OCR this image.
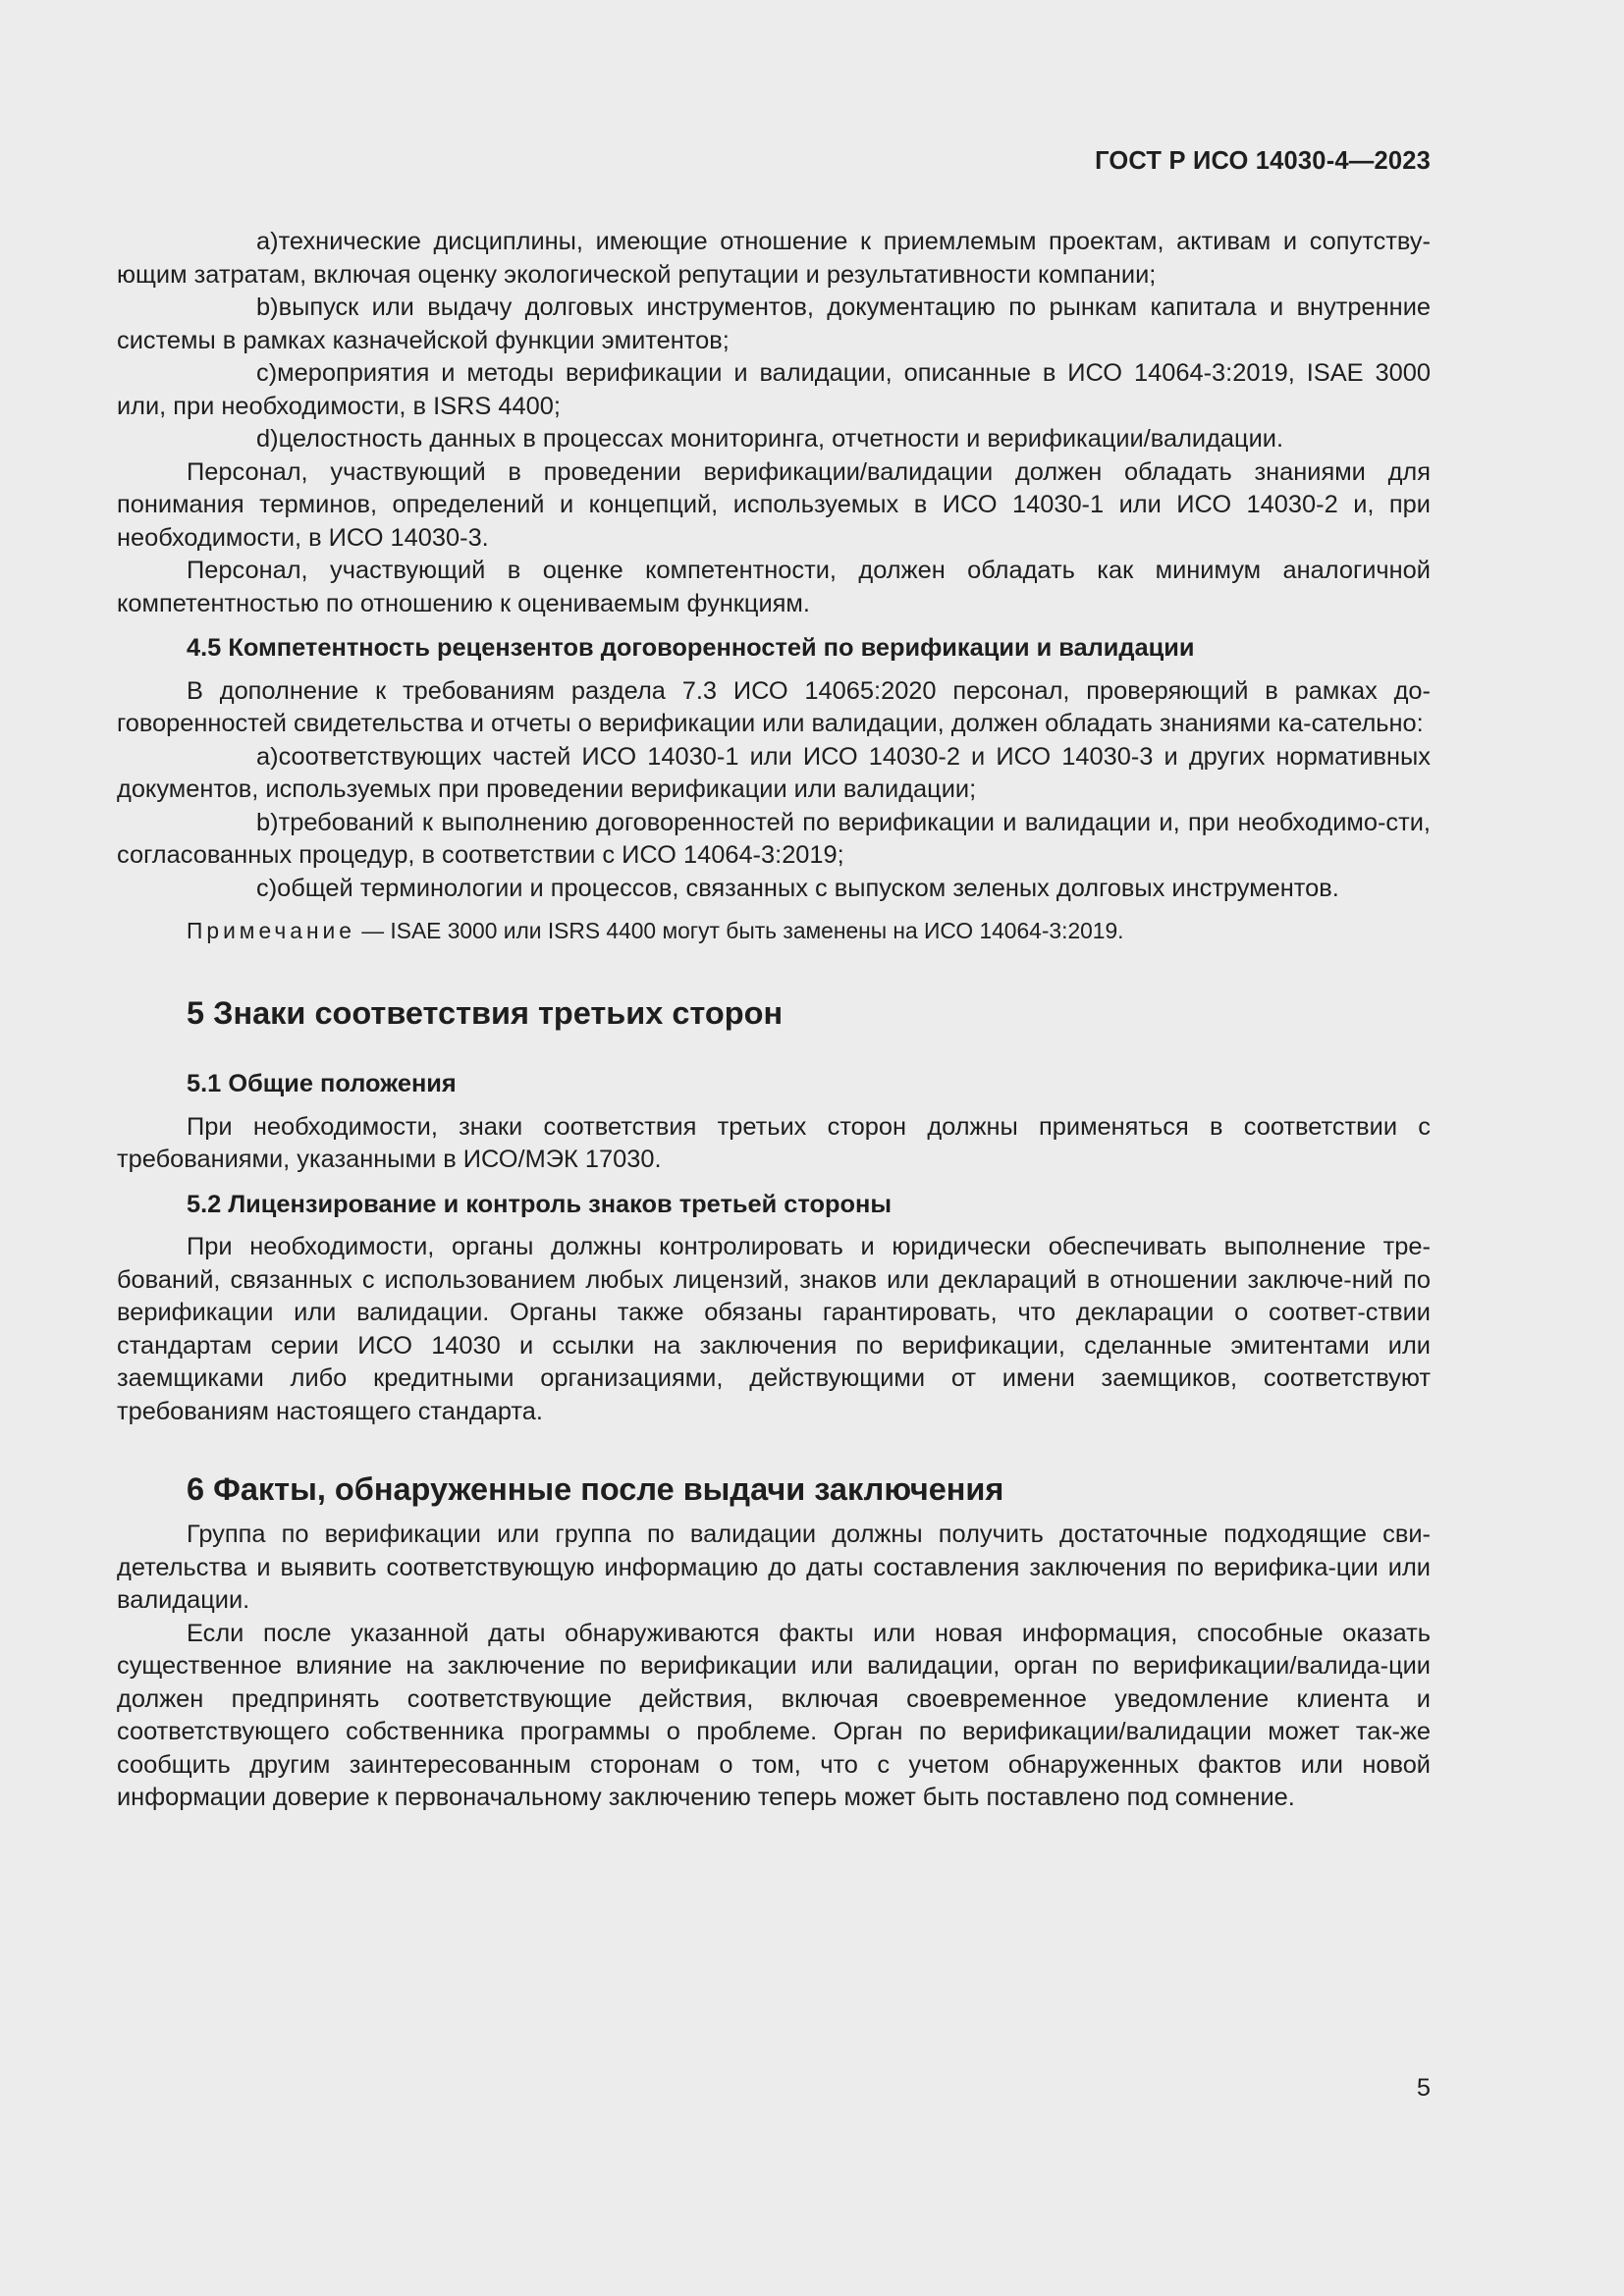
ГОСТ Р ИСО 14030-4—2023

a)технические дисциплины, имеющие отношение к приемлемым проектам, активам и сопутству-ющим затратам, включая оценку экологической репутации и результативности компании;

b)выпуск или выдачу долговых инструментов, документацию по рынкам капитала и внутренние системы в рамках казначейской функции эмитентов;

c)мероприятия и методы верификации и валидации, описанные в ИСО 14064-3:2019, ISAE 3000 или, при необходимости, в ISRS 4400;

d)целостность данных в процессах мониторинга, отчетности и верификации/валидации.

Персонал, участвующий в проведении верификации/валидации должен обладать знаниями для понимания терминов, определений и концепций, используемых в ИСО 14030-1 или ИСО 14030-2 и, при необходимости, в ИСО 14030-3.

Персонал, участвующий в оценке компетентности, должен обладать как минимум аналогичной компетентностью по отношению к оцениваемым функциям.

4.5 Компетентность рецензентов договоренностей по верификации и валидации

В дополнение к требованиям раздела 7.3 ИСО 14065:2020 персонал, проверяющий в рамках до-говоренностей свидетельства и отчеты о верификации или валидации, должен обладать знаниями ка-сательно:

a)соответствующих частей ИСО 14030-1 или ИСО 14030-2 и ИСО 14030-3 и других нормативных документов, используемых при проведении верификации или валидации;

b)требований к выполнению договоренностей по верификации и валидации и, при необходимо-сти, согласованных процедур, в соответствии с ИСО 14064-3:2019;

c)общей терминологии и процессов, связанных с выпуском зеленых долговых инструментов.

Примечание — ISAE 3000 или ISRS 4400 могут быть заменены на ИСО 14064-3:2019.

5 Знаки соответствия третьих сторон
5.1 Общие положения

При необходимости, знаки соответствия третьих сторон должны применяться в соответствии с требованиями, указанными в ИСО/МЭК 17030.

5.2 Лицензирование и контроль знаков третьей стороны

При необходимости, органы должны контролировать и юридически обеспечивать выполнение тре-бований, связанных с использованием любых лицензий, знаков или деклараций в отношении заключе-ний по верификации или валидации. Органы также обязаны гарантировать, что декларации о соответ-ствии стандартам серии ИСО 14030 и ссылки на заключения по верификации, сделанные эмитентами или заемщиками либо кредитными организациями, действующими от имени заемщиков, соответствуют требованиям настоящего стандарта.

6 Факты, обнаруженные после выдачи заключения

Группа по верификации или группа по валидации должны получить достаточные подходящие сви-детельства и выявить соответствующую информацию до даты составления заключения по верифика-ции или валидации.

Если после указанной даты обнаруживаются факты или новая информация, способные оказать существенное влияние на заключение по верификации или валидации, орган по верификации/валида-ции должен предпринять соответствующие действия, включая своевременное уведомление клиента и соответствующего собственника программы о проблеме. Орган по верификации/валидации может так-же сообщить другим заинтересованным сторонам о том, что с учетом обнаруженных фактов или новой информации доверие к первоначальному заключению теперь может быть поставлено под сомнение.

5
